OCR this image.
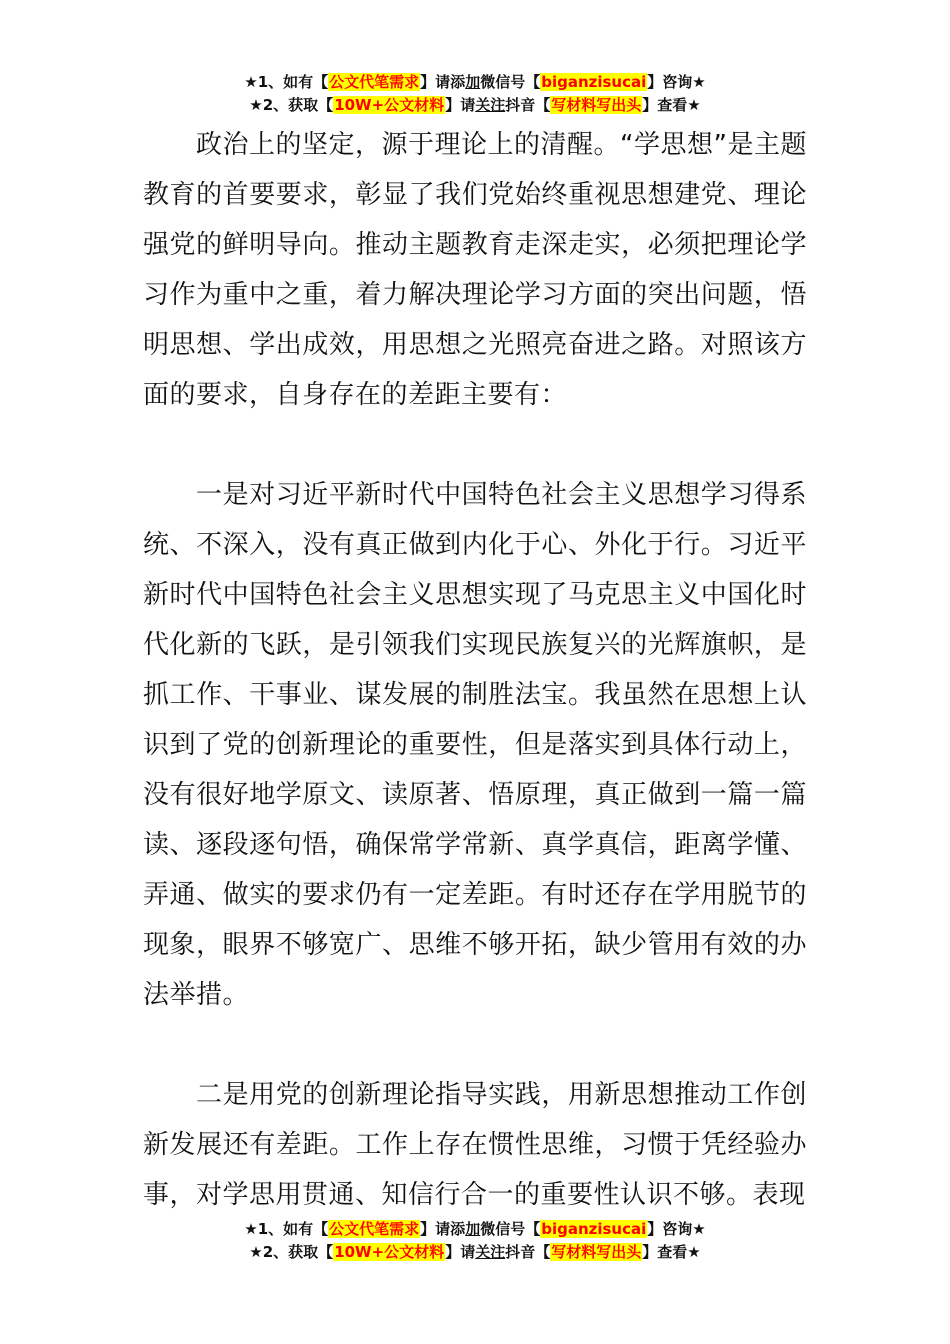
★1、如有【公文代笔需求】请添加微信号【biganzisucai】咨询★
★2、获取【10W+公文材料】请关注抖音【写材料写出头】查看★

政治上的坚定，源于理论上的清醒。“学思想”是主题教育的首要要求，彰显了我们党始终重视思想建党、理论强党的鲜明导向。推动主题教育走深走实，必须把理论学习作为重中之重，着力解决理论学习方面的突出问题，悟明思想、学出成效，用思想之光照亮奋进之路。对照该方面的要求，自身存在的差距主要有：

一是对习近平新时代中国特色社会主义思想学习得系统、不深入，没有真正做到内化于心、外化于行。习近平新时代中国特色社会主义思想实现了马克思主义中国化时代化新的飞跃，是引领我们实现民族复兴的光辉旗帜，是抓工作、干事业、谋发展的制胜法宝。我虽然在思想上认识到了党的创新理论的重要性，但是落实到具体行动上，没有很好地学原文、读原著、悟原理，真正做到一篇一篇读、逐段逐句悟，确保常学常新、真学真信，距离学懂、弄通、做实的要求仍有一定差距。有时还存在学用脱节的现象，眼界不够宽广、思维不够开拓，缺少管用有效的办法举措。

二是用党的创新理论指导实践，用新思想推动工作创新发展还有差距。工作上存在惯性思维，习惯于凭经验办事，对学思用贯通、知信行合一的重要性认识不够。表现

★1、如有【公文代笔需求】请添加微信号【biganzisucai】咨询★
★2、获取【10W+公文材料】请关注抖音【写材料写出头】查看★
